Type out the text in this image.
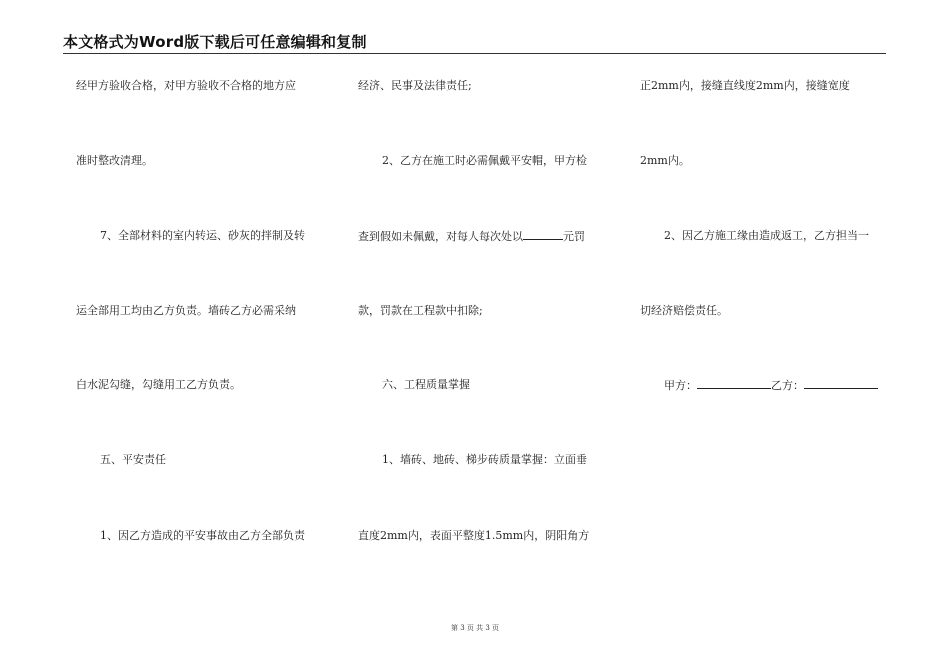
本文格式为Word版下载后可任意编辑和复制
经甲方验收合格，对甲方验收不合格的地方应
准时整改清理。
7、全部材料的室内转运、砂灰的拌制及转
运全部用工均由乙方负责。墙砖乙方必需采纳
白水泥勾缝，勾缝用工乙方负责。
五、平安责任
1、因乙方造成的平安事故由乙方全部负责
经济、民事及法律责任;
2、乙方在施工时必需佩戴平安帽，甲方检
查到假如未佩戴，对每人每次处以	元罚
款，罚款在工程款中扣除;
六、工程质量掌握
1、墙砖、地砖、梯步砖质量掌握：立面垂
直度2mm内，表面平整度1.5mm内，阴阳角方
正2mm内，接缝直线度2mm内，接缝宽度
2mm内。
2、因乙方施工缘由造成返工，乙方担当一
切经济赔偿责任。
甲方：	乙方：
第 3 页 共 3 页
